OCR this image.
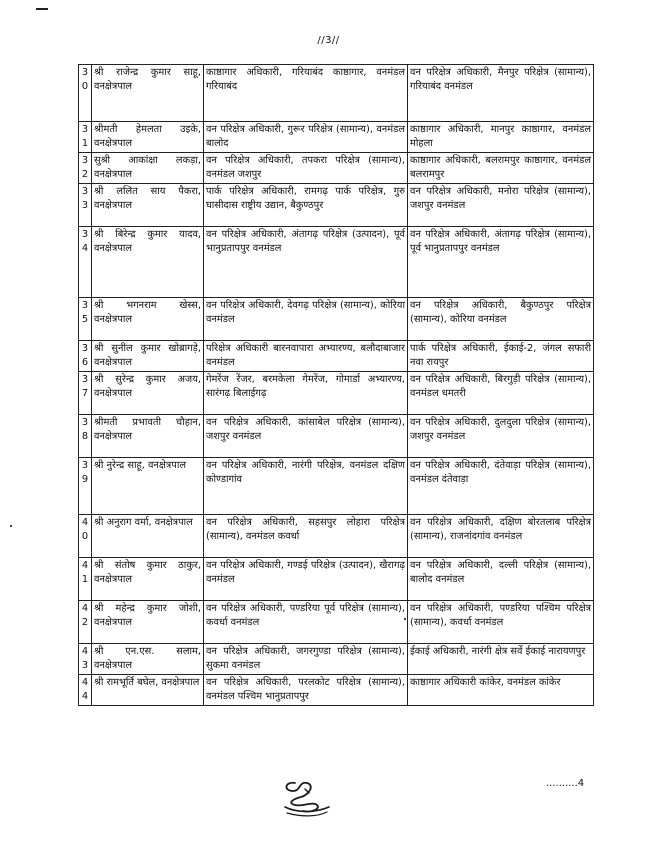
//3//
30	श्री राजेन्द्र कुमार साहू, वनक्षेत्रपाल	काष्ठागार अधिकारी, गरियाबंद काष्ठागार, वनमंडल गरियाबंद	वन परिक्षेत्र अधिकारी, मैनपुर परिक्षेत्र (सामान्य), गरियाबंद वनमंडल
31	श्रीमती हेमलता उइके, वनक्षेत्रपाल	वन परिक्षेत्र अधिकारी, गुरूर परिक्षेत्र (सामान्य), वनमंडल बालोद	काष्ठागार अधिकारी, मानपुर काष्ठागार, वनमंडल मोहला
32	सुश्री आकांक्षा लकड़ा, वनक्षेत्रपाल	वन परिक्षेत्र अधिकारी, तपकरा परिक्षेत्र (सामान्य), वनमंडल जशपुर	काष्ठागार अधिकारी, बलरामपुर काष्ठागार, वनमंडल बलरामपुर
33	श्री ललित साय पैकरा, वनक्षेत्रपाल	पार्क परिक्षेत्र अधिकारी, रामगढ़ पार्क परिक्षेत्र, गुरु घासीदास राष्ट्रीय उद्यान, बैकुण्ठपुर	वन परिक्षेत्र अधिकारी, मनोरा परिक्षेत्र (सामान्य), जशपुर वनमंडल
34	श्री बिरेन्द्र कुमार यादव, वनक्षेत्रपाल	वन परिक्षेत्र अधिकारी, अंतागढ़ परिक्षेत्र (उत्पादन), पूर्व भानुप्रतापपुर वनमंडल	वन परिक्षेत्र अधिकारी, अंतागढ़ परिक्षेत्र (सामान्य), पूर्व भानुप्रतापपुर वनमंडल
35	श्री भगनराम खेस्स, वनक्षेत्रपाल	वन परिक्षेत्र अधिकारी, देवगढ़ परिक्षेत्र (सामान्य), कोरिया वनमंडल	वन परिक्षेत्र अधिकारी, बैकुण्ठपुर परिक्षेत्र (सामान्य), कोरिया वनमंडल
36	श्री सुनील कुमार खोब्रागड़े, वनक्षेत्रपाल	परिक्षेत्र अधिकारी बारनवापारा अभ्यारण्य, बलौदाबाजार वनमंडल	पार्क परिक्षेत्र अधिकारी, ईकाई-2, जंगल सफारी नवा रायपुर
37	श्री सुरेन्द्र कुमार अजय, वनक्षेत्रपाल	गेमरेंज रेंजर, बरमकेला गेमरेंज, गोमार्डा अभ्यारण्य, सारंगढ़ बिलाईगढ़	वन परिक्षेत्र अधिकारी, बिरगुड़ी परिक्षेत्र (सामान्य), वनमंडल धमतरी
38	श्रीमती प्रभावती चौहान, वनक्षेत्रपाल	वन परिक्षेत्र अधिकारी, कांसाबेल परिक्षेत्र (सामान्य), जशपुर वनमंडल	वन परिक्षेत्र अधिकारी, दुलदुला परिक्षेत्र (सामान्य), जशपुर वनमंडल
39	श्री नुरेन्द्र साहू, वनक्षेत्रपाल	वन परिक्षेत्र अधिकारी, नारंगी परिक्षेत्र, वनमंडल दक्षिण कोण्डागांव	वन परिक्षेत्र अधिकारी, दंतेवाड़ा परिक्षेत्र (सामान्य), वनमंडल दंतेवाड़ा
40	श्री अनुराग वर्मा, वनक्षेत्रपाल	वन परिक्षेत्र अधिकारी, सहसपुर लोहारा परिक्षेत्र (सामान्य), वनमंडल कवर्धा	वन परिक्षेत्र अधिकारी, दक्षिण बोरतलाब परिक्षेत्र (सामान्य), राजनांदगांव वनमंडल
41	श्री संतोष कुमार ठाकुर, वनक्षेत्रपाल	वन परिक्षेत्र अधिकारी, गण्डई परिक्षेत्र (उत्पादन), खैरागढ़ वनमंडल	वन परिक्षेत्र अधिकारी, दल्ली परिक्षेत्र (सामान्य), बालोद वनमंडल
42	श्री महेन्द्र कुमार जोशी, वनक्षेत्रपाल	वन परिक्षेत्र अधिकारी, पण्डरिया पूर्व परिक्षेत्र (सामान्य), कवर्धा वनमंडल	वन परिक्षेत्र अधिकारी, पण्डरिया पश्चिम परिक्षेत्र (सामान्य), कवर्धा वनमंडल
43	श्री एन.एस. सलाम, वनक्षेत्रपाल	वन परिक्षेत्र अधिकारी, जगरगुण्डा परिक्षेत्र (सामान्य), सुकमा वनमंडल	ईकाई अधिकारी, नारंगी क्षेत्र सर्वे ईकाई नारायणपुर
44	श्री रामभूर्ति बघेल, वनक्षेत्रपाल	वन परिक्षेत्र अधिकारी, परलकोट परिक्षेत्र (सामान्य), वनमंडल पश्चिम भानुप्रतापपुर	काष्ठागार अधिकारी कांकेर, वनमंडल कांकेर
..........4
